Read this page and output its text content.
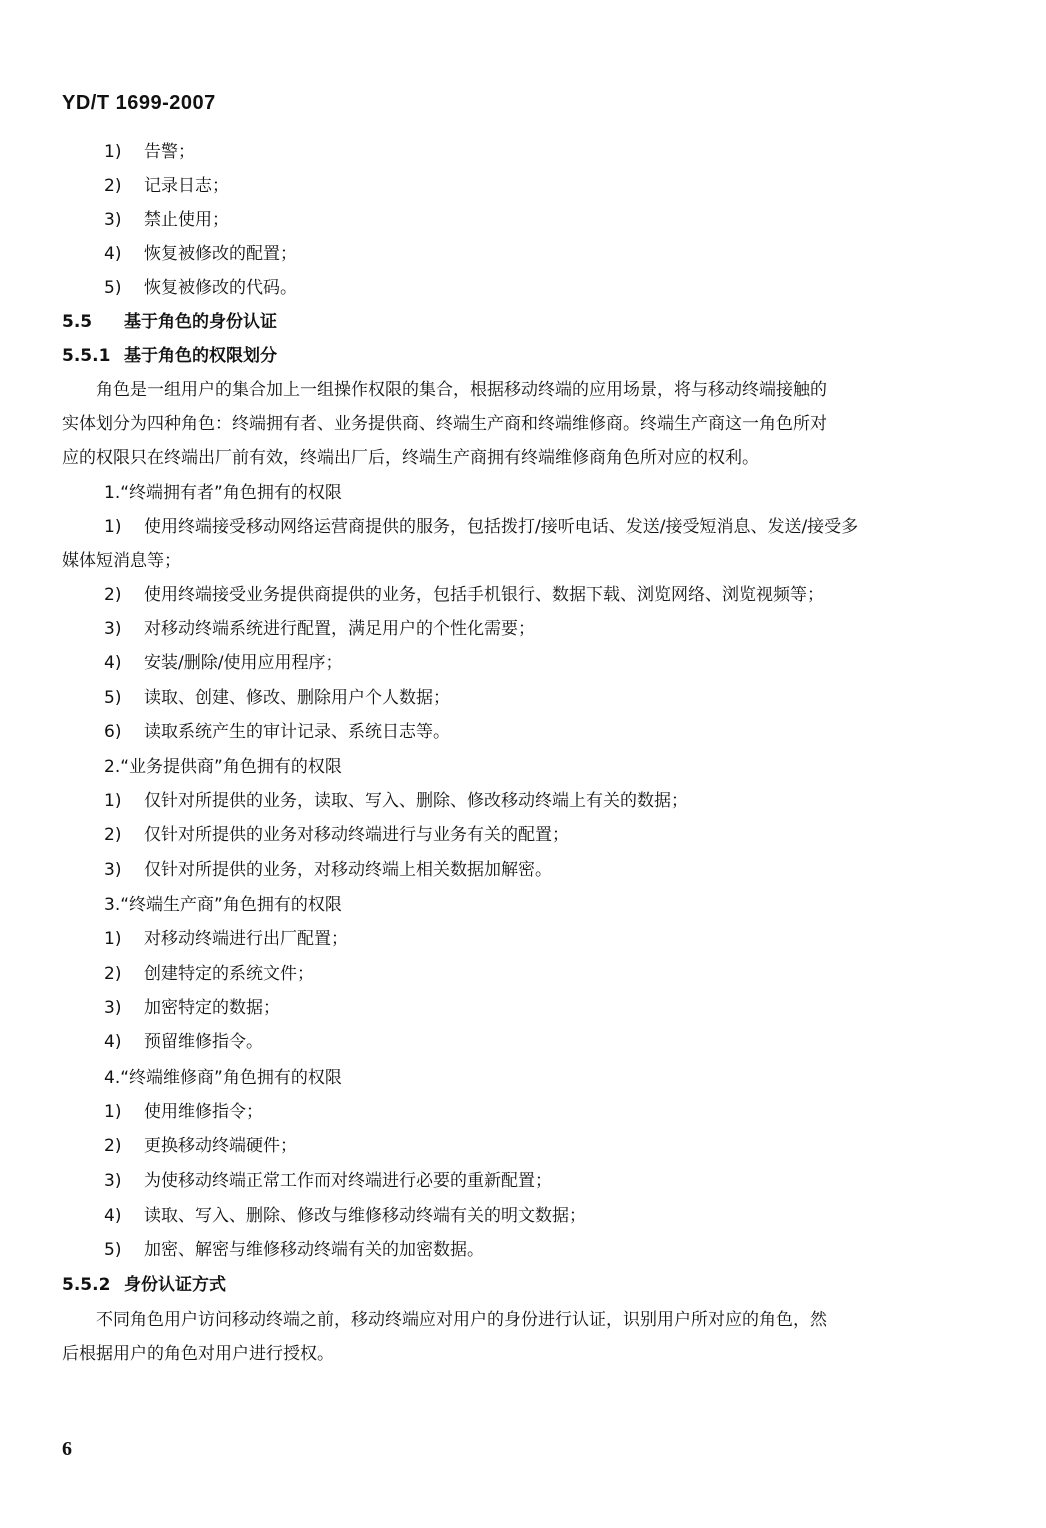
YD/T 1699-2007
1) 告警；
2) 记录日志；
3) 禁止使用；
4) 恢复被修改的配置；
5) 恢复被修改的代码。
5.5 基于角色的身份认证
5.5.1 基于角色的权限划分
　　角色是一组用户的集合加上一组操作权限的集合，根据移动终端的应用场景，将与移动终端接触的
实体划分为四种角色：终端拥有者、业务提供商、终端生产商和终端维修商。终端生产商这一角色所对
应的权限只在终端出厂前有效，终端出厂后，终端生产商拥有终端维修商角色所对应的权利。
1.“终端拥有者”角色拥有的权限
1) 使用终端接受移动网络运营商提供的服务，包括拨打/接听电话、发送/接受短消息、发送/接受多
媒体短消息等；
2) 使用终端接受业务提供商提供的业务，包括手机银行、数据下载、浏览网络、浏览视频等；
3) 对移动终端系统进行配置，满足用户的个性化需要；
4) 安装/删除/使用应用程序；
5) 读取、创建、修改、删除用户个人数据；
6) 读取系统产生的审计记录、系统日志等。
2.“业务提供商”角色拥有的权限
1) 仅针对所提供的业务，读取、写入、删除、修改移动终端上有关的数据；
2) 仅针对所提供的业务对移动终端进行与业务有关的配置；
3) 仅针对所提供的业务，对移动终端上相关数据加解密。
3.“终端生产商”角色拥有的权限
1) 对移动终端进行出厂配置；
2) 创建特定的系统文件；
3) 加密特定的数据；
4) 预留维修指令。
4.“终端维修商”角色拥有的权限
1) 使用维修指令；
2) 更换移动终端硬件；
3) 为使移动终端正常工作而对终端进行必要的重新配置；
4) 读取、写入、删除、修改与维修移动终端有关的明文数据；
5) 加密、解密与维修移动终端有关的加密数据。
5.5.2 身份认证方式
　　不同角色用户访问移动终端之前，移动终端应对用户的身份进行认证，识别用户所对应的角色，然
后根据用户的角色对用户进行授权。
6
